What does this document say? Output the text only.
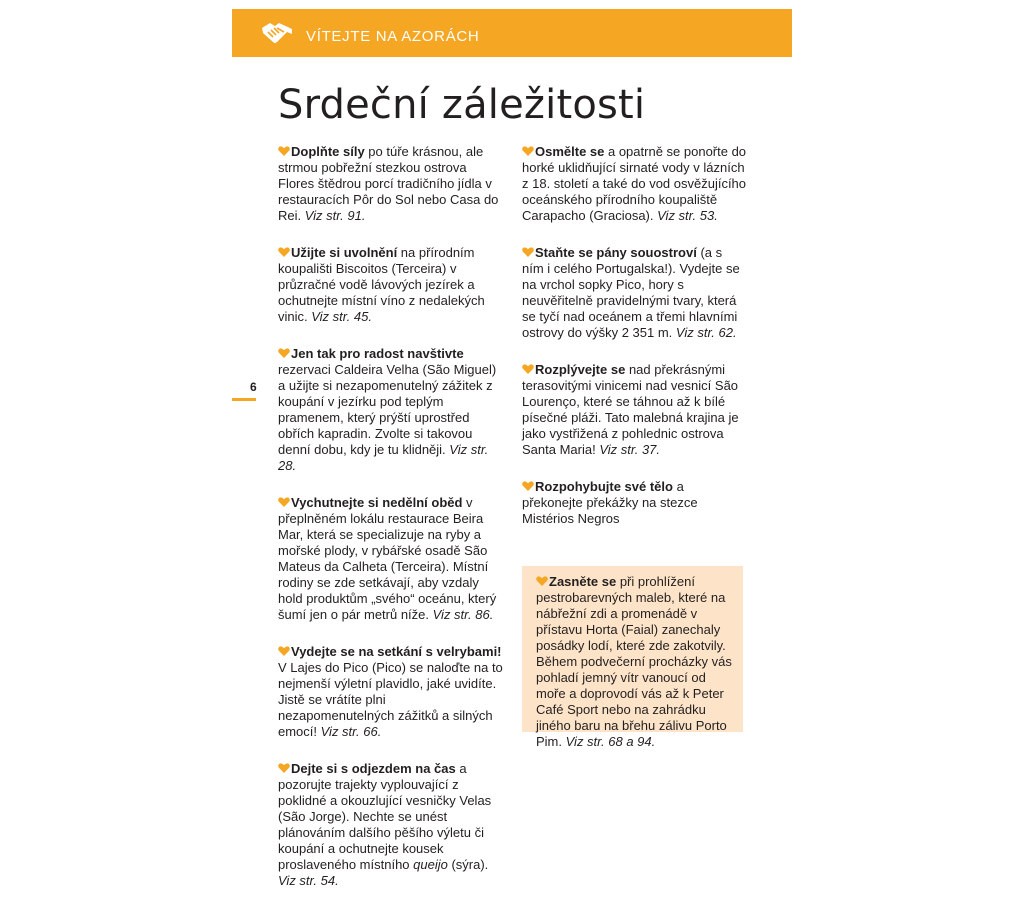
VÍTEJTE NA AZORÁCH
Srdeční záležitosti
6

Doplňte síly po túře krásnou, ale strmou pobřežní stezkou ostrova Flores štědrou porcí tradičního jídla v restauracích Pôr do Sol nebo Casa do Rei. Viz str. 91.

Užijte si uvolnění na přírodním koupališti Biscoitos (Terceira) v průzračné vodě lávových jezírek a ochutnejte místní víno z nedalekých vinic. Viz str. 45.

Jen tak pro radost navštivte rezervaci Caldeira Velha (São Miguel) a užijte si nezapomenutelný zážitek z koupání v jezírku pod teplým pramenem, který prýští uprostřed obřích kapradin. Zvolte si takovou denní dobu, kdy je tu klidněji. Viz str. 28.

Vychutnejte si nedělní oběd v přeplněném lokálu restaurace Beira Mar, která se specializuje na ryby a mořské plody, v rybářské osadě São Mateus da Calheta (Terceira). Místní rodiny se zde setkávají, aby vzdaly hold produktům „svého“ oceánu, který šumí jen o pár metrů níže. Viz str. 86.

Vydejte se na setkání s velrybami! V Lajes do Pico (Pico) se naloďte na to nejmenší výletní plavidlo, jaké uvidíte. Jistě se vrátíte plni nezapomenutelných zážitků a silných emocí! Viz str. 66.

Dejte si s odjezdem na čas a pozorujte trajekty vyplouvající z poklidné a okouzlující vesničky Velas (São Jorge). Nechte se unést plánováním dalšího pěšího výletu či koupání a ochutnejte kousek proslaveného místního queijo (sýra). Viz str. 54.

Osmělte se a opatrně se ponořte do horké uklidňující sirnaté vody v lázních z 18. století a také do vod osvěžujícího oceánského přírodního koupaliště Carapacho (Graciosa). Viz str. 53.

Staňte se pány souostroví (a s ním i celého Portugalska!). Vydejte se na vrchol sopky Pico, hory s neuvěřitelně pravidelnými tvary, která se tyčí nad oceánem a třemi hlavními ostrovy do výšky 2 351 m. Viz str. 62.

Rozplývejte se nad překrásnými terasovitými vinicemi nad vesnicí São Lourenço, které se táhnou až k bílé písečné pláži. Tato malebná krajina je jako vystřižená z pohlednic ostrova Santa Maria! Viz str. 37.

Rozpohybujte své tělo a překonejte překážky na stezce Mistérios Negros

Zasněte se při prohlížení pestrobarevných maleb, které na nábřežní zdi a promenádě v přístavu Horta (Faial) zanechaly posádky lodí, které zde zakotvily. Během podvečerní procházky vás pohladí jemný vítr vanoucí od moře a doprovodí vás až k Peter Café Sport nebo na zahrádku jiného baru na břehu zálivu Porto Pim. Viz str. 68 a 94.
